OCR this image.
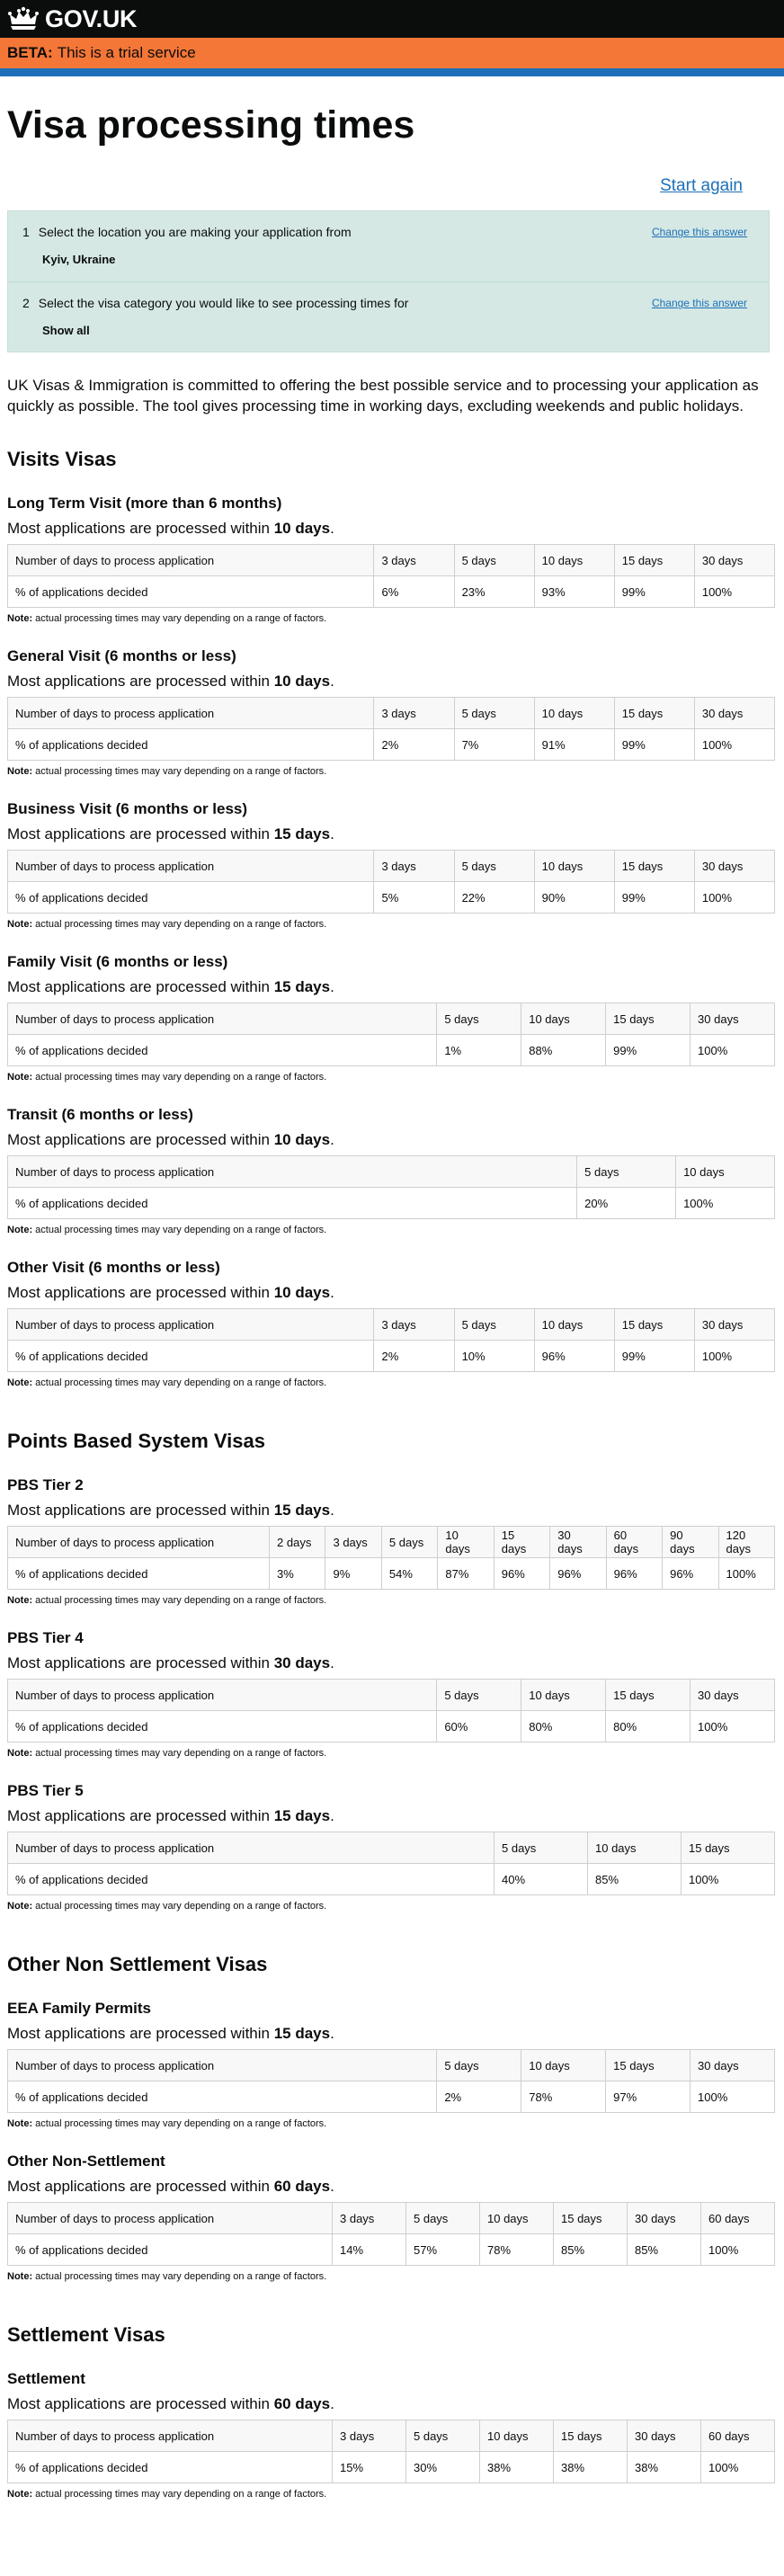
GOV.UK
BETA: This is a trial service
Visa processing times
Start again
1 Select the location you are making your application from
Kyiv, Ukraine
Change this answer
2 Select the visa category you would like to see processing times for
Show all
Change this answer

UK Visas & Immigration is committed to offering the best possible service and to processing your application as quickly as possible. The tool gives processing time in working days, excluding weekends and public holidays.

Visits Visas
Long Term Visit (more than 6 months)

Most applications are processed within 10 days.

Number of days to process application	3 days	5 days	10 days	15 days	30 days
% of applications decided	6%	23%	93%	99%	100%

Note: actual processing times may vary depending on a range of factors.

General Visit (6 months or less)

Most applications are processed within 10 days.

Number of days to process application	3 days	5 days	10 days	15 days	30 days
% of applications decided	2%	7%	91%	99%	100%

Note: actual processing times may vary depending on a range of factors.

Business Visit (6 months or less)

Most applications are processed within 15 days.

Number of days to process application	3 days	5 days	10 days	15 days	30 days
% of applications decided	5%	22%	90%	99%	100%

Note: actual processing times may vary depending on a range of factors.

Family Visit (6 months or less)

Most applications are processed within 15 days.

Number of days to process application	5 days	10 days	15 days	30 days
% of applications decided	1%	88%	99%	100%

Note: actual processing times may vary depending on a range of factors.

Transit (6 months or less)

Most applications are processed within 10 days.

Number of days to process application	5 days	10 days
% of applications decided	20%	100%

Note: actual processing times may vary depending on a range of factors.

Other Visit (6 months or less)

Most applications are processed within 10 days.

Number of days to process application	3 days	5 days	10 days	15 days	30 days
% of applications decided	2%	10%	96%	99%	100%

Note: actual processing times may vary depending on a range of factors.

Points Based System Visas
PBS Tier 2

Most applications are processed within 15 days.

Number of days to process application	2 days	3 days	5 days	10 days	15 days	30 days	60 days	90 days	120 days
% of applications decided	3%	9%	54%	87%	96%	96%	96%	96%	100%

Note: actual processing times may vary depending on a range of factors.

PBS Tier 4

Most applications are processed within 30 days.

Number of days to process application	5 days	10 days	15 days	30 days
% of applications decided	60%	80%	80%	100%

Note: actual processing times may vary depending on a range of factors.

PBS Tier 5

Most applications are processed within 15 days.

Number of days to process application	5 days	10 days	15 days
% of applications decided	40%	85%	100%

Note: actual processing times may vary depending on a range of factors.

Other Non Settlement Visas
EEA Family Permits

Most applications are processed within 15 days.

Number of days to process application	5 days	10 days	15 days	30 days
% of applications decided	2%	78%	97%	100%

Note: actual processing times may vary depending on a range of factors.

Other Non-Settlement

Most applications are processed within 60 days.

Number of days to process application	3 days	5 days	10 days	15 days	30 days	60 days
% of applications decided	14%	57%	78%	85%	85%	100%

Note: actual processing times may vary depending on a range of factors.

Settlement Visas
Settlement

Most applications are processed within 60 days.

Number of days to process application	3 days	5 days	10 days	15 days	30 days	60 days
% of applications decided	15%	30%	38%	38%	38%	100%

Note: actual processing times may vary depending on a range of factors.
